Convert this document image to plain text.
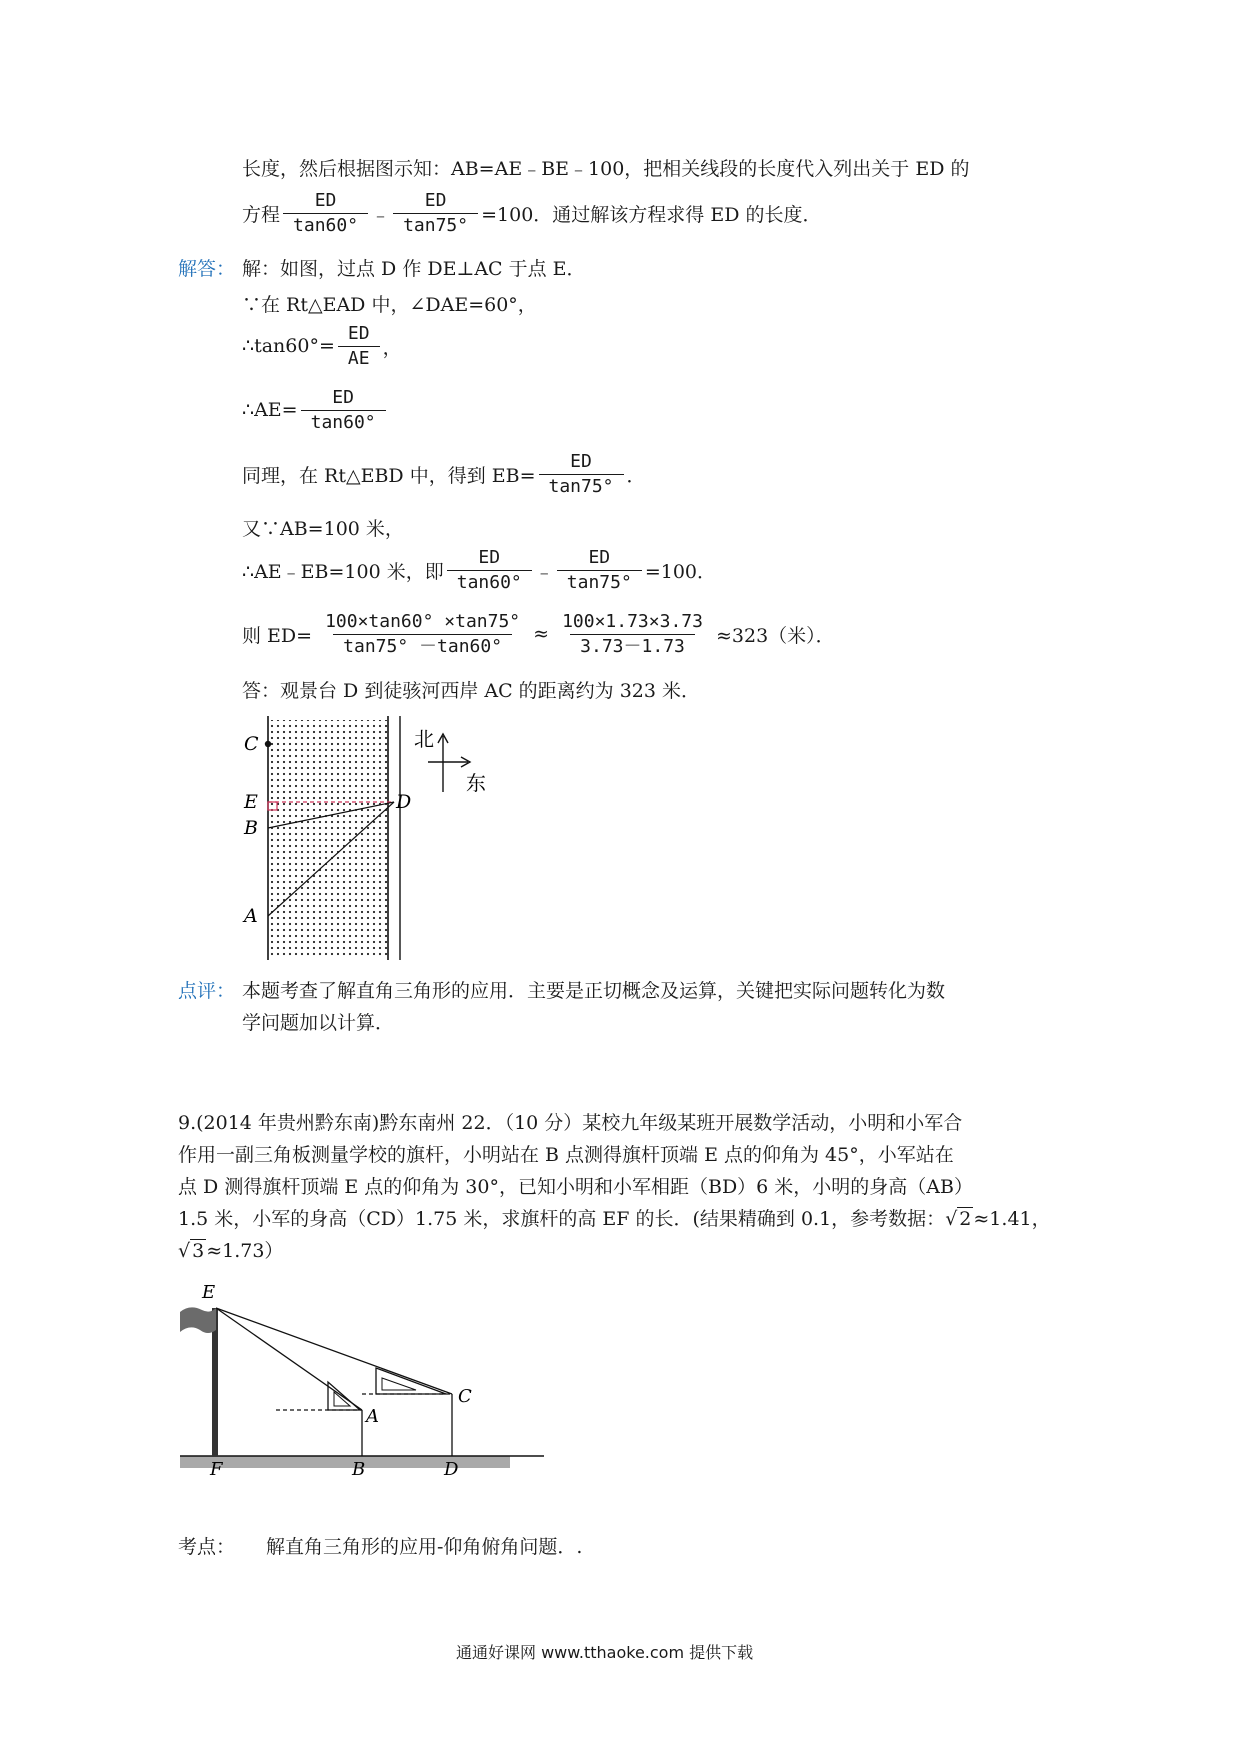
长度，然后根据图示知：AB=AE﹣BE﹣100，把相关线段的长度代入列出关于 ED 的
方程 $\frac{ED}{\tan 60^\circ}$ ﹣ $\frac{ED}{\tan 75^\circ} =100$．通过解该方程求得 ED 的长度．
解答： 解：如图，过点 D 作 DE⊥AC 于点 E．
∵在 Rt△EAD 中，∠DAE=60°，
∴tan60°= $\frac{ED}{AE}$ ，
∴AE= $\frac{ED}{\tan 60^\circ}$
同理，在 Rt△EBD 中，得到 $EB= \frac{ED}{\tan 75^\circ}$ ．
又∵AB=100 米，
∴AE﹣EB=100 米，即 $\frac{ED}{\tan 60^\circ}$ ﹣ $\frac{ED}{\tan 75^\circ} =100$．
则 $ED= \frac{100\times\tan 60^\circ \times\tan 75^\circ}{\tan 75^\circ -\tan 60^\circ} \approx \frac{100\times 1.73\times 3.73}{3.73-1.73} \approx 323$（米）．
答：观景台 D 到徒骇河西岸 AC 的距离约为 323 米．
C
E
B
A
D
北
东
点评： 本题考查了解直角三角形的应用．主要是正切概念及运算，关键把实际问题转化为数
学问题加以计算．
9.(2014 年贵州黔东南)黔东南州 22．（10 分）某校九年级某班开展数学活动，小明和小军合
作用一副三角板测量学校的旗杆，小明站在 B 点测得旗杆顶端 E 点的仰角为 45°，小军站在
点 D 测得旗杆顶端 E 点的仰角为 30°，已知小明和小军相距（BD）6 米，小明的身高（AB）
1.5 米，小军的身高（CD）1.75 米，求旗杆的高 EF 的长．(结果精确到 0.1，参考数据：√ 2 ≈1.41，
√ 3 ≈1.73）
E
A
C
F	B	D
考点： 解直角三角形的应用-仰角俯角问题．.
通通好课网 www.tthaoke.com 提供下载
